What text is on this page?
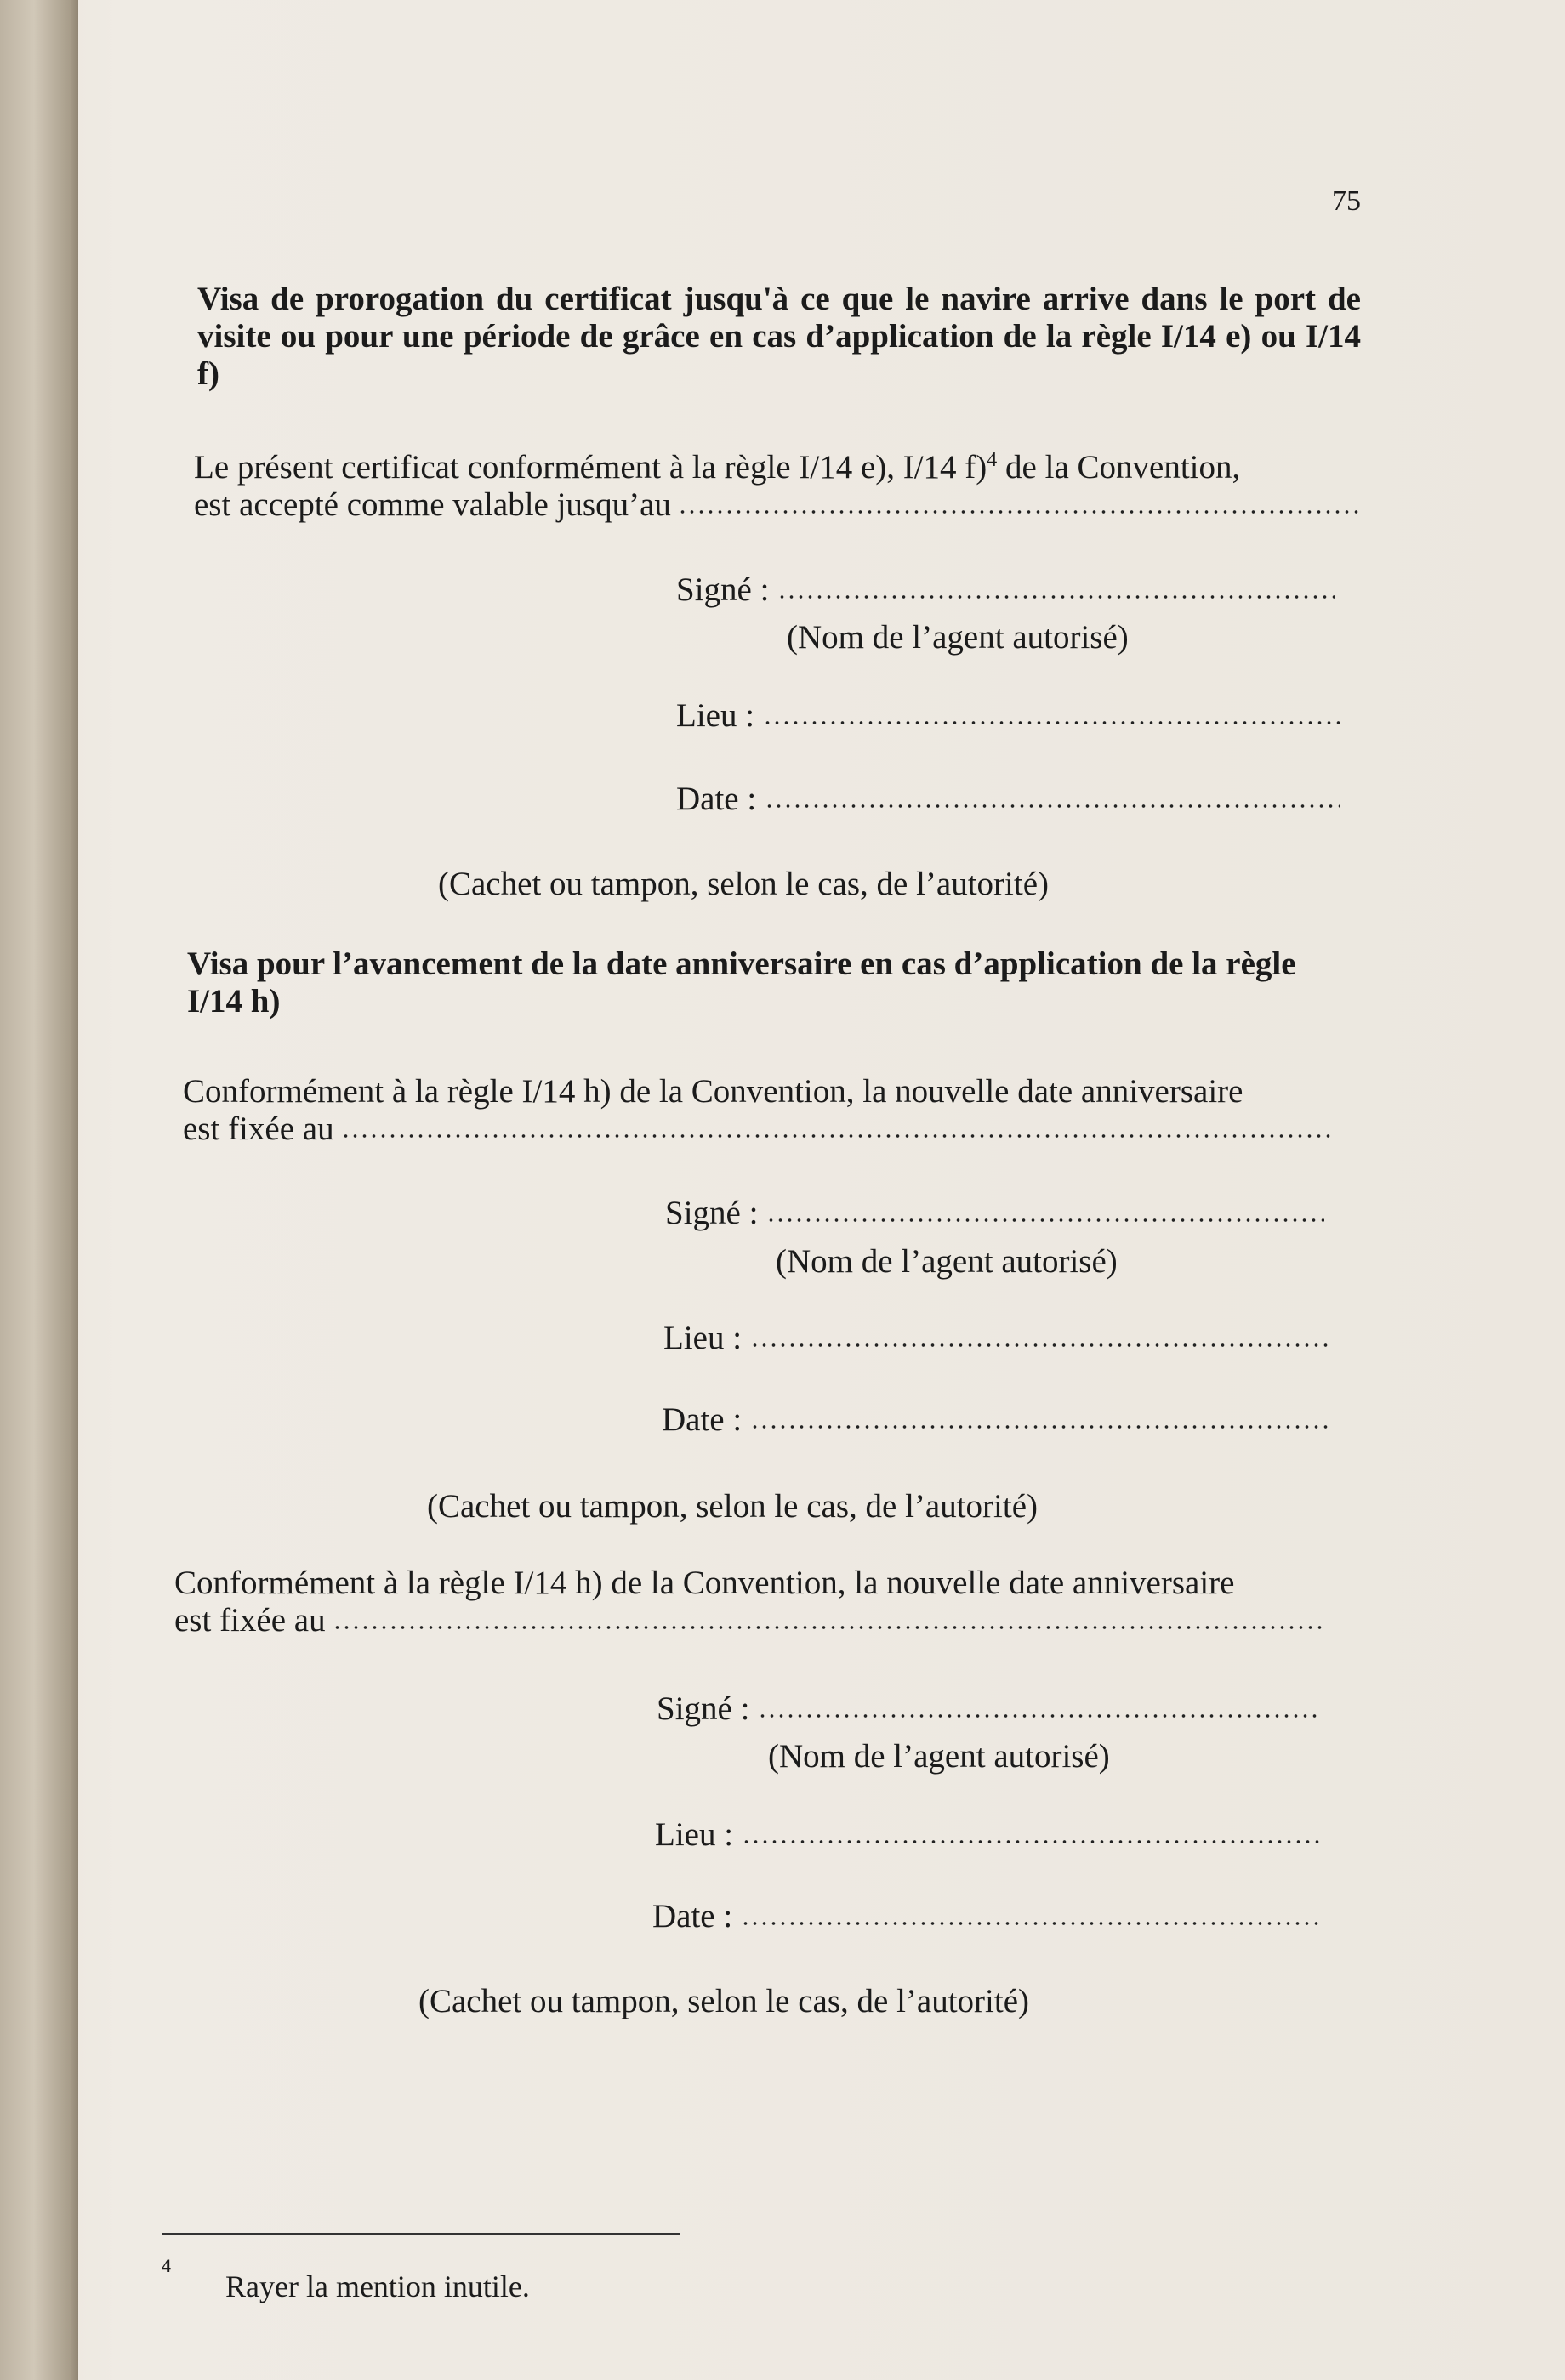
75

Visa de prorogation du certificat jusqu'à ce que le navire arrive dans le port de visite ou pour une période de grâce en cas d’application de la règle I/14 e) ou I/14 f)

Le présent certificat conformément à la règle I/14 e), I/14 f)$^4$ de la Convention,

est accepté comme valable jusqu’au
Signé :
(Nom de l’agent autorisé)
Lieu :
Date :
(Cachet ou tampon, selon le cas, de l’autorité)

Visa pour l’avancement de la date anniversaire en cas d’application de la règle I/14 h)

Conformément à la règle I/14 h) de la Convention, la nouvelle date anniversaire

est fixée au
Signé :
(Nom de l’agent autorisé)
Lieu :
Date :
(Cachet ou tampon, selon le cas, de l’autorité)

Conformément à la règle I/14 h) de la Convention, la nouvelle date anniversaire

est fixée au
Signé :
(Nom de l’agent autorisé)
Lieu :
Date :
(Cachet ou tampon, selon le cas, de l’autorité)
4
Rayer la mention inutile.
